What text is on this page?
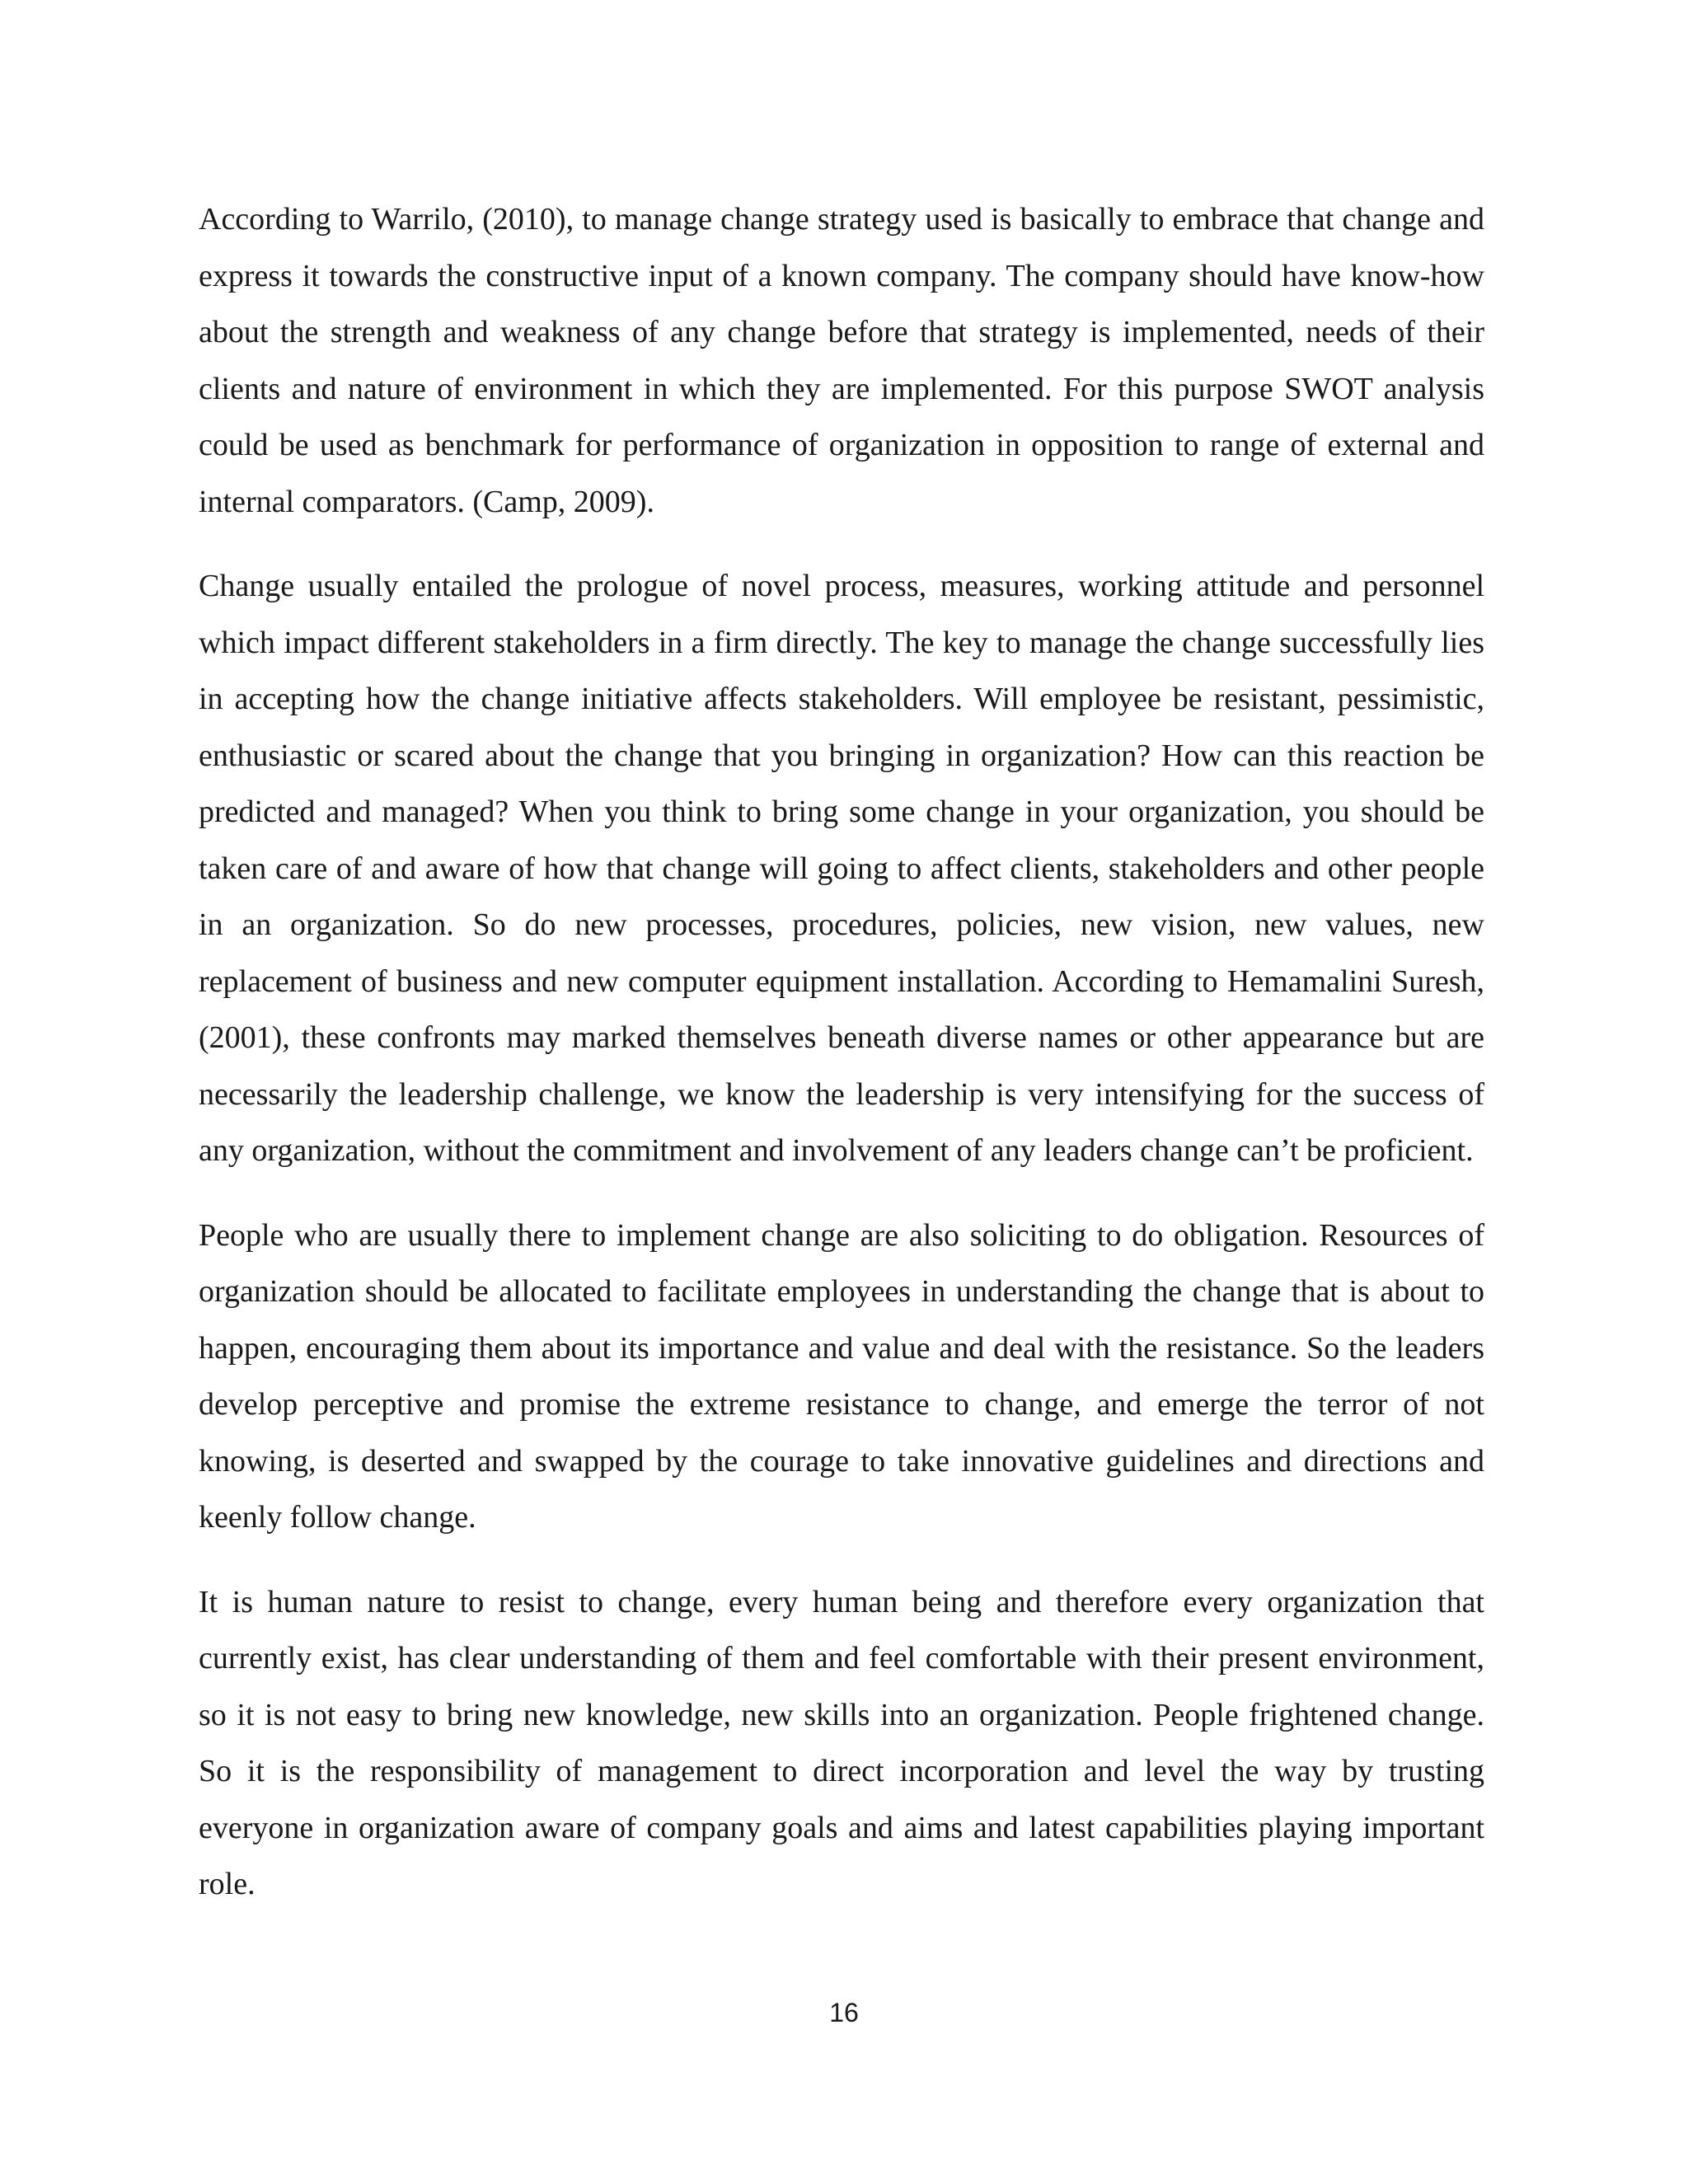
According to Warrilo, (2010), to manage change strategy used is basically to embrace that change and express it towards the constructive input of a known company. The company should have know-how about the strength and weakness of any change before that strategy is implemented, needs of their clients and nature of environment in which they are implemented. For this purpose SWOT analysis could be used as benchmark for performance of organization in opposition to range of external and internal comparators. (Camp, 2009).

Change usually entailed the prologue of novel process, measures, working attitude and personnel which impact different stakeholders in a firm directly. The key to manage the change successfully lies in accepting how the change initiative affects stakeholders. Will employee be resistant, pessimistic, enthusiastic or scared about the change that you bringing in organization? How can this reaction be predicted and managed? When you think to bring some change in your organization, you should be taken care of and aware of how that change will going to affect clients, stakeholders and other people in an organization. So do new processes, procedures, policies, new vision, new values, new replacement of business and new computer equipment installation. According to Hemamalini Suresh,(2001), these confronts may marked themselves beneath diverse names or other appearance but are necessarily the leadership challenge, we know the leadership is very intensifying for the success of any organization, without the commitment and involvement of any leaders change can’t be proficient.

People who are usually there to implement change are also soliciting to do obligation. Resources of organization should be allocated to facilitate employees in understanding the change that is about to happen, encouraging them about its importance and value and deal with the resistance. So the leaders develop perceptive and promise the extreme resistance to change, and emerge the terror of not knowing, is deserted and swapped by the courage to take innovative guidelines and directions and keenly follow change.

It is human nature to resist to change, every human being and therefore every organization that currently exist, has clear understanding of them and feel comfortable with their present environment, so it is not easy to bring new knowledge, new skills into an organization. People frightened change. So it is the responsibility of management to direct incorporation and level the way by trusting everyone in organization aware of company goals and aims and latest capabilities playing important role.

16
